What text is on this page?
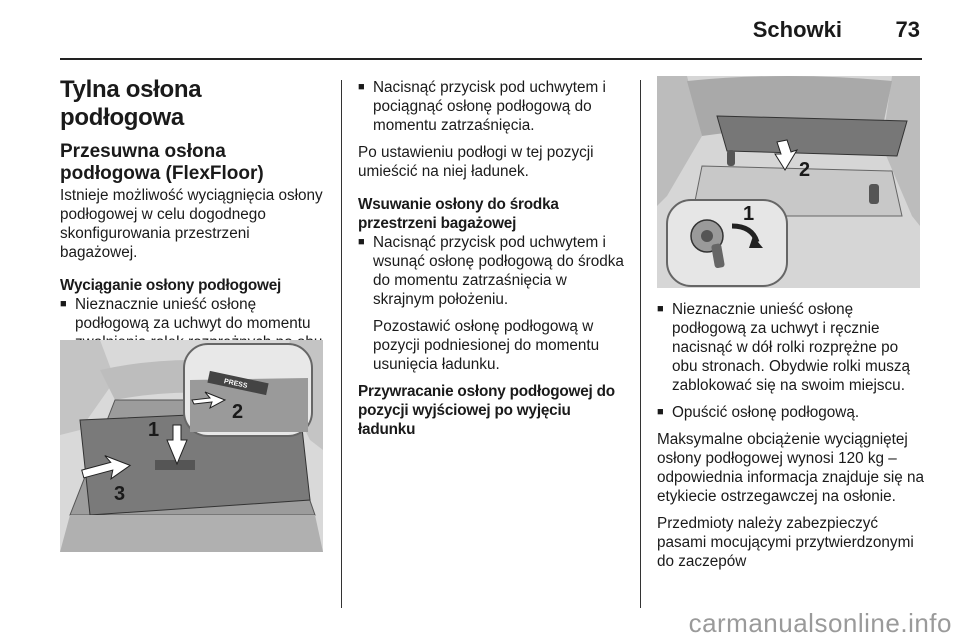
Schowki 73
Tylna osłona podłogowa
Przesuwna osłona podłogowa (FlexFloor)

Istnieje możliwość wyciągnięcia osłony podłogowej w celu dogodnego skonfigurowania przestrzeni bagażowej.

Wyciąganie osłony podłogowej
■ Nieznacznie unieść osłonę podłogową za uchwyt do momentu
PRESS
2
1
3
■ Nacisnąć przycisk pod uchwytem i pociągnąć osłonę podłogową do momentu zatrzaśnięcia.

Po ustawieniu podłogi w tej pozycji umieścić na niej ładunek.

Wsuwanie osłony do środka przestrzeni bagażowej
■ Nacisnąć przycisk pod uchwytem i wsunąć osłonę podłogową do środka do momentu zatrzaśnięcia w skrajnym położeniu.

Pozostawić osłonę podłogową w pozycji podniesionej do momentu usunięcia ładunku.

Przywracanie osłony podłogowej do pozycji wyjściowej po wyjęciu ładunku
2
1
■ Nieznacznie unieść osłonę podłogową za uchwyt i ręcznie nacisnąć w dół rolki rozprężne po obu stronach. Obydwie rolki muszą zablokować się na swoim miejscu.
■ Opuścić osłonę podłogową.

Maksymalne obciążenie wyciągniętej osłony podłogowej wynosi 120 kg – odpowiednia informacja znajduje się na etykiecie ostrzegawczej na osłonie.

Przedmioty należy zabezpieczyć pasami mocującymi przytwierdzonymi do zaczepów

carmanualsonline.info
